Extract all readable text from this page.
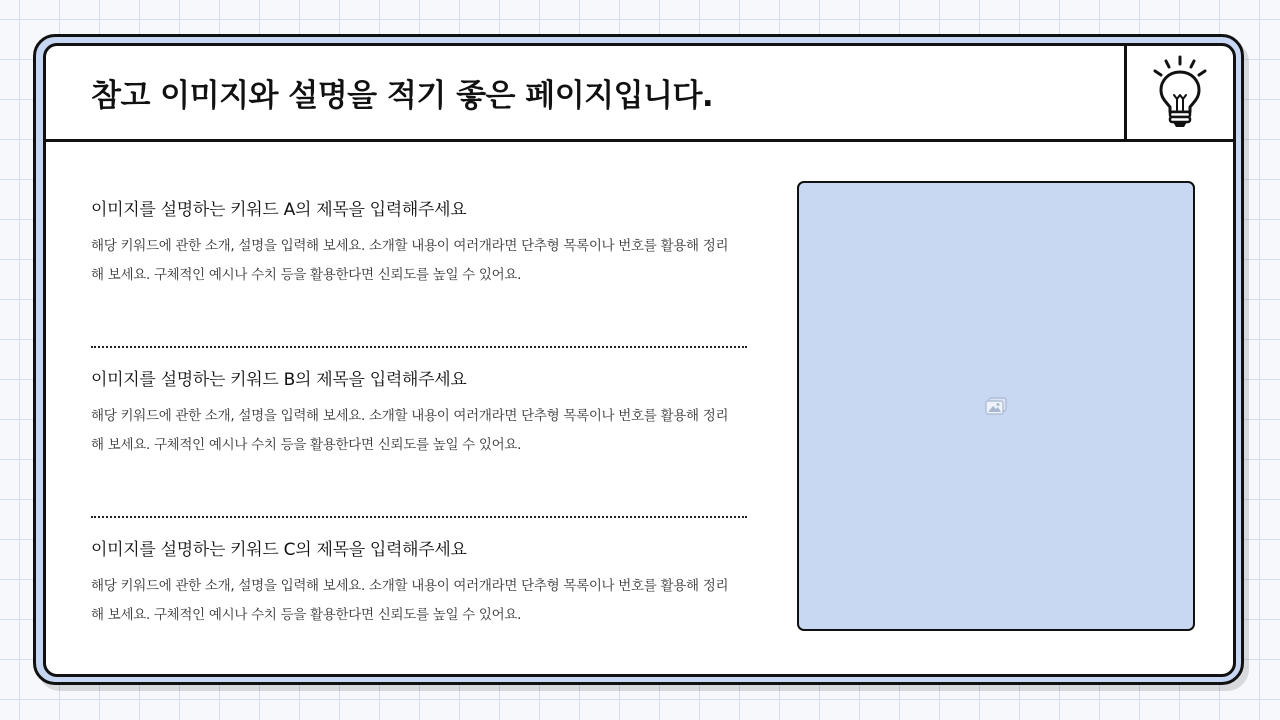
참고 이미지와 설명을 적기 좋은 페이지입니다.
이미지를 설명하는 키워드 A의 제목을 입력해주세요

해당 키워드에 관한 소개, 설명을 입력해 보세요. 소개할 내용이 여러개라면 단추형 목록이나 번호를 활용해 정리해 보세요. 구체적인 예시나 수치 등을 활용한다면 신뢰도를 높일 수 있어요.

이미지를 설명하는 키워드 B의 제목을 입력해주세요

해당 키워드에 관한 소개, 설명을 입력해 보세요. 소개할 내용이 여러개라면 단추형 목록이나 번호를 활용해 정리해 보세요. 구체적인 예시나 수치 등을 활용한다면 신뢰도를 높일 수 있어요.

이미지를 설명하는 키워드 C의 제목을 입력해주세요

해당 키워드에 관한 소개, 설명을 입력해 보세요. 소개할 내용이 여러개라면 단추형 목록이나 번호를 활용해 정리해 보세요. 구체적인 예시나 수치 등을 활용한다면 신뢰도를 높일 수 있어요.
